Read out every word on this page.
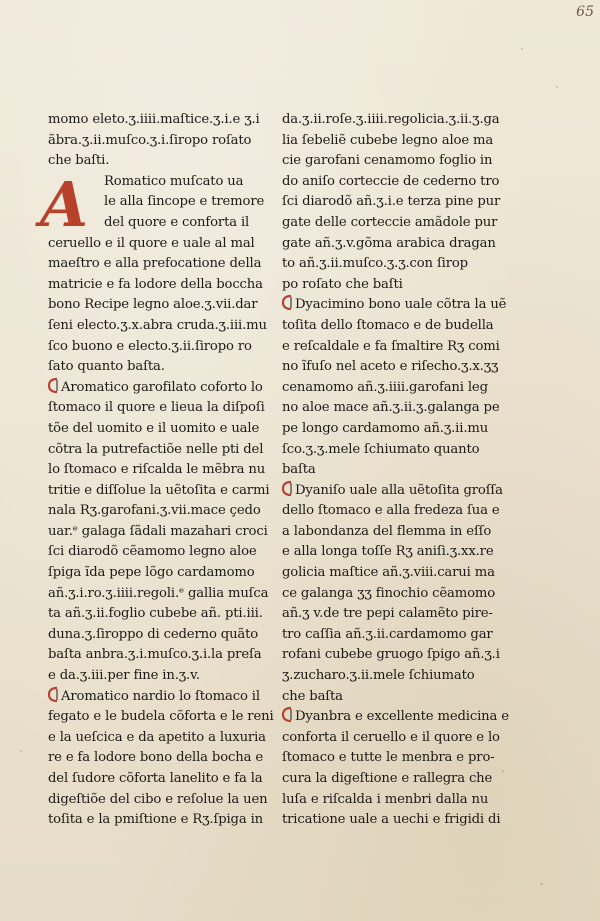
65
momo eleto.ʒ.iiii.maſtice.ʒ.i.e ʒ.i
ãbra.ʒ.ii.muſco.ʒ.i.ſiropo roſato
che baſti.
A	Romatico muſcato ua
le alla ſincope e tremore
del quore e conforta il
ceruello e il quore e uale al mal
maeſtro e alla prefocatione della
matricie e fa lodore della boccha
bono Recipe legno aloe.ʒ.vii.dar
ſeni electo.ʒ.x.abra cruda.ʒ.iii.mu
ſco buono e electo.ʒ.ii.ſiropo ro
ſato quanto baſta.
Aromatico garofilato coforto lo
ſtomaco il quore e lieua la diſpoſi
tõe del uomito e il uomito e uale
cõtra la putrefactiõe nelle pti del
lo ſtomaco e riſcalda le mẽbra nu
tritie e diſſolue la uẽtoſita e carmi
nala Rʒ.garofani.ʒ.vii.mace çedo
uar.ᵉ galaga ſãdali mazahari croci
ſci diarodõ cẽamomo legno aloe
ſpiga ĩda pepe lõgo cardamomo
añ.ʒ.i.ro.ʒ.iiii.regoli.ᵉ gallia muſca
ta añ.ʒ.ii.foglio cubebe añ. pti.iii.
duna.ʒ.ſiroppo di cederno quãto
baſta anbra.ʒ.i.muſco.ʒ.i.la preſa
e da.ʒ.iii.per fine in.ʒ.v.
Aromatico nardio lo ſtomaco il
fegato e le budela cõforta e le reni
e la ueſcica e da apetito a luxuria
re e fa lodore bono della bocha e
del ſudore cõforta lanelito e fa la
digeſtiõe del cibo e reſolue la uen
toſita e la pmiſtione e Rʒ.ſpiga in
da.ʒ.ii.roſe.ʒ.iiii.regolicia.ʒ.ii.ʒ.ga
lia ſebeliẽ cubebe legno aloe ma
cie garofani cenamomo foglio in
do aniſo corteccie de cederno tro
ſci diarodõ añ.ʒ.i.e terza pine pur
gate delle corteccie amãdole pur
gate añ.ʒ.v.gõma arabica dragan
to añ.ʒ.ii.muſco.ʒ.ʒ.con ſirop
po roſato che baſti
Dyacimino bono uale cõtra la uẽ
toſita dello ſtomaco e de budella
e reſcaldale e fa ſmaltire Rʒ comi
no ĩfuſo nel aceto e riſecho.ʒ.x.ʒʒ
cenamomo añ.ʒ.iiii.garofani leg
no aloe mace añ.ʒ.ii.ʒ.galanga pe
pe longo cardamomo añ.ʒ.ii.mu
ſco.ʒ.ʒ.mele ſchiumato quanto
baſta
Dyaniſo uale alla uẽtoſita groſſa
dello ſtomaco e alla fredeza ſua e
a labondanza del flemma in eſſo
e alla longa toſſe Rʒ aniſi.ʒ.xx.re
golicia maſtice añ.ʒ.viii.carui ma
ce galanga ʒʒ finochio cẽamomo
añ.ʒ v.de tre pepi calamẽto pire-
tro caſſia añ.ʒ.ii.cardamomo gar
rofani cubebe gruogo ſpigo añ.ʒ.i
ʒ.zucharo.ʒ.ii.mele ſchiumato
che baſta
Dyanbra e excellente medicina e
conforta il ceruello e il quore e lo
ſtomaco e tutte le menbra e pro-
cura la digeſtione e rallegra che
luſa e riſcalda i menbri dalla nu
tricatione uale a uechi e frigidi di
